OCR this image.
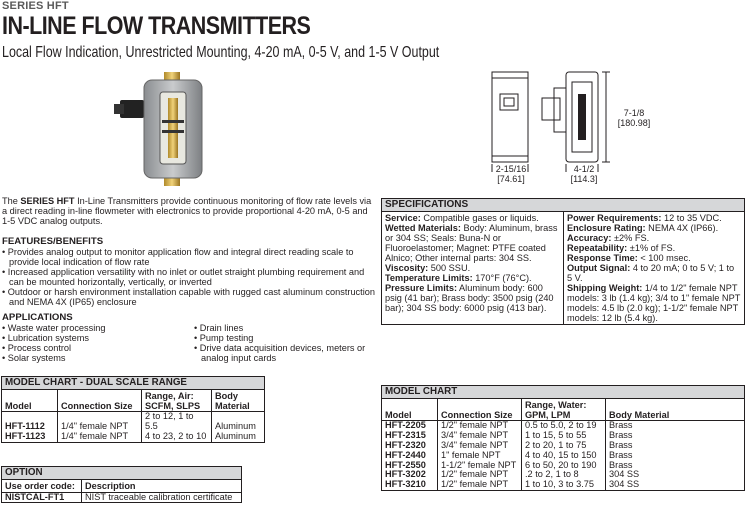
SERIES HFT
IN-LINE FLOW TRANSMITTERS
Local Flow Indication, Unrestricted Mounting, 4-20 mA, 0-5 V, and 1-5 V Output
7-1/8
[180.98]
2-15/16
[74.61]
4-1/2
[114.3]
The SERIES HFT In-Line Transmitters provide continuous monitoring of flow rate levels via a direct reading in-line flowmeter with electronics to provide proportional 4-20 mA, 0-5 and 1-5 VDC analog outputs.
FEATURES/BENEFITS
• Provides analog output to monitor application flow and integral direct reading scale to provide local indication of flow rate
• Increased application versatility with no inlet or outlet straight plumbing requirement and can be mounted horizontally, vertically, or inverted
• Outdoor or harsh environment installation capable with rugged cast aluminum construction and NEMA 4X (IP65) enclosure
APPLICATIONS
• Waste water processing
• Lubrication systems
• Process control
• Solar systems
• Drain lines
• Pump testing
• Drive data acquisition devices, meters or analog input cards
SPECIFICATIONS
Service: Compatible gases or liquids.
Wetted Materials: Body: Aluminum, brass or 304 SS; Seals: Buna-N or Fluoroelastomer; Magnet: PTFE coated Alnico; Other internal parts: 304 SS.
Viscosity: 500 SSU.
Temperature Limits: 170°F (76°C).
Pressure Limits: Aluminum body: 600 psig (41 bar); Brass body: 3500 psig (240 bar); 304 SS body: 6000 psig (413 bar).
Power Requirements: 12 to 35 VDC.
Enclosure Rating: NEMA 4X (IP66).
Accuracy: ±2% FS.
Repeatability: ±1% of FS.
Response Time: < 100 msec.
Output Signal: 4 to 20 mA; 0 to 5 V; 1 to 5 V.
Shipping Weight: 1/4 to 1/2" female NPT models: 3 lb (1.4 kg); 3/4 to 1" female NPT models: 4.5 lb (2.0 kg); 1-1/2" female NPT models: 12 lb (5.4 kg).
MODEL CHART - DUAL SCALE RANGE			
Model	Connection Size	Range, Air: SCFM, SLPS	Body Material
HFT-1112	1/4" female NPT	2 to 12, 1 to 5.5	Aluminum
HFT-1123	1/4" female NPT	4 to 23, 2 to 10	Aluminum
MODEL CHART			
Model	Connection Size	Range, Water: GPM, LPM	Body Material
HFT-2205	1/2" female NPT	0.5 to 5.0, 2 to 19	Brass
HFT-2315	3/4" female NPT	1 to 15, 5 to 55	Brass
HFT-2320	3/4" female NPT	2 to 20, 1 to 75	Brass
HFT-2440	1" female NPT	4 to 40, 15 to 150	Brass
HFT-2550	1-1/2" female NPT	6 to 50, 20 to 190	Brass
HFT-3202	1/2" female NPT	.2 to 2, 1 to 8	304 SS
HFT-3210	1/2" female NPT	1 to 10, 3 to 3.75	304 SS
OPTION	
Use order code:	Description
NISTCAL-FT1	NIST traceable calibration certificate
